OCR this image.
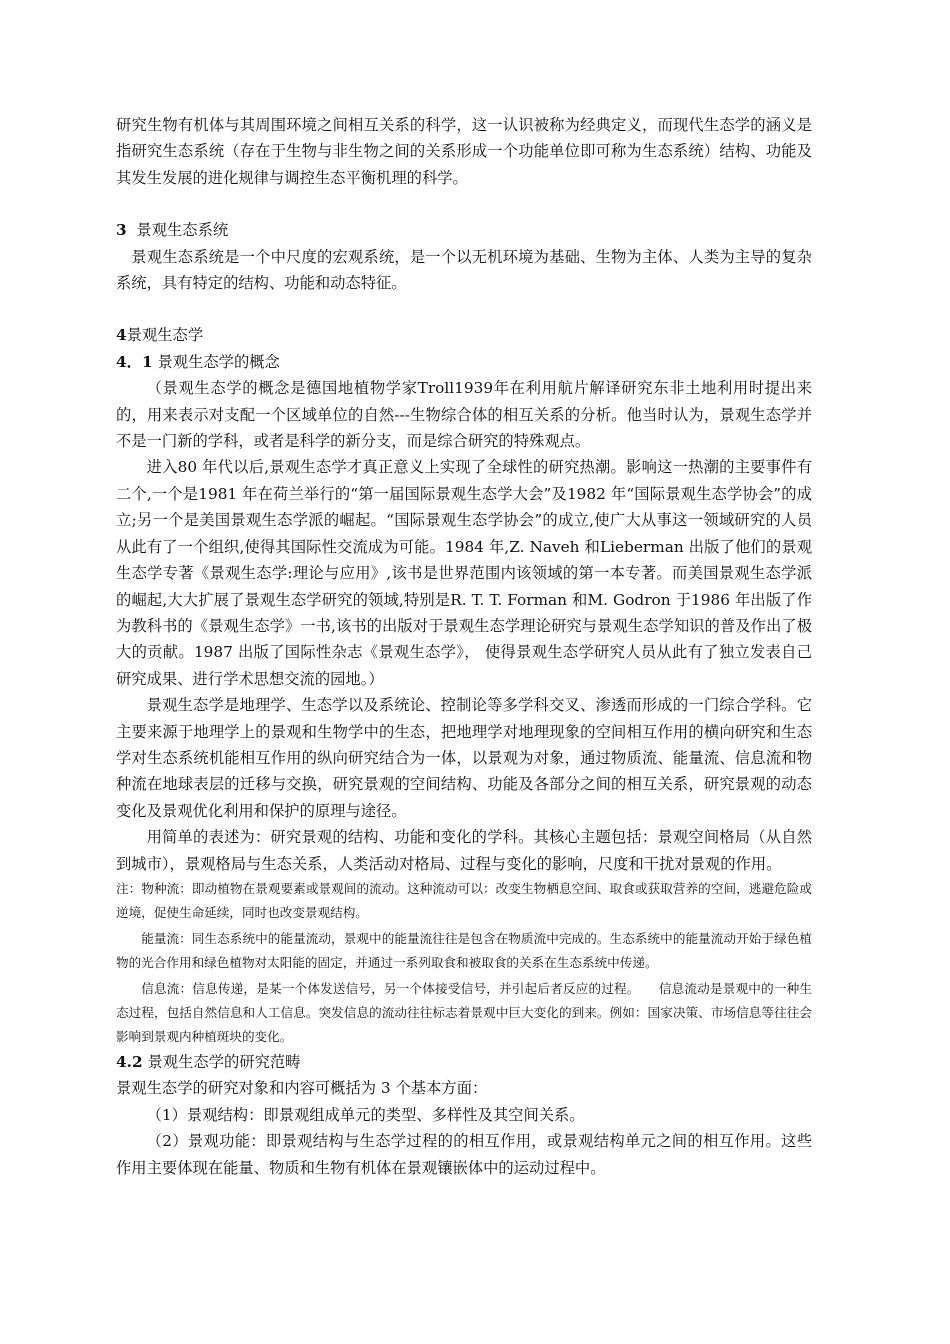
研究生物有机体与其周围环境之间相互关系的科学，这一认识被称为经典定义，而现代生态学的涵义是指研究生态系统（存在于生物与非生物之间的关系形成一个功能单位即可称为生态系统）结构、功能及其发生发展的进化规律与调控生态平衡机理的科学。

3 景观生态系统

景观生态系统是一个中尺度的宏观系统，是一个以无机环境为基础、生物为主体、人类为主导的复杂系统，具有特定的结构、功能和动态特征。

4景观生态学

4．1 景观生态学的概念

（景观生态学的概念是德国地植物学家Troll1939年在利用航片解译研究东非土地利用时提出来的，用来表示对支配一个区域单位的自然---生物综合体的相互关系的分析。他当时认为，景观生态学并不是一门新的学科，或者是科学的新分支，而是综合研究的特殊观点。

进入80 年代以后,景观生态学才真正意义上实现了全球性的研究热潮。影响这一热潮的主要事件有二个,一个是1981 年在荷兰举行的“第一届国际景观生态学大会”及1982 年“国际景观生态学协会”的成立;另一个是美国景观生态学派的崛起。“国际景观生态学协会”的成立,使广大从事这一领域研究的人员从此有了一个组织,使得其国际性交流成为可能。1984 年,Z. Naveh 和Lieberman 出版了他们的景观生态学专著《景观生态学:理论与应用》,该书是世界范围内该领域的第一本专著。而美国景观生态学派的崛起,大大扩展了景观生态学研究的领域,特别是R. T. T. Forman 和M. Godron 于1986 年出版了作为教科书的《景观生态学》一书,该书的出版对于景观生态学理论研究与景观生态学知识的普及作出了极大的贡献。1987 出版了国际性杂志《景观生态学》， 使得景观生态学研究人员从此有了独立发表自己研究成果、进行学术思想交流的园地。）

景观生态学是地理学、生态学以及系统论、控制论等多学科交叉、渗透而形成的一门综合学科。它主要来源于地理学上的景观和生物学中的生态，把地理学对地理现象的空间相互作用的横向研究和生态学对生态系统机能相互作用的纵向研究结合为一体，以景观为对象，通过物质流、能量流、信息流和物种流在地球表层的迁移与交换，研究景观的空间结构、功能及各部分之间的相互关系，研究景观的动态变化及景观优化利用和保护的原理与途径。

用简单的表述为：研究景观的结构、功能和变化的学科。其核心主题包括：景观空间格局（从自然到城市），景观格局与生态关系，人类活动对格局、过程与变化的影响，尺度和干扰对景观的作用。

注：物种流：即动植物在景观要素或景观间的流动。这种流动可以：改变生物栖息空间、取食或获取营养的空间，逃避危险或逆境，促使生命延续，同时也改变景观结构。

能量流：同生态系统中的能量流动，景观中的能量流往往是包含在物质流中完成的。生态系统中的能量流动开始于绿色植物的光合作用和绿色植物对太阳能的固定，并通过一系列取食和被取食的关系在生态系统中传递。

信息流：信息传递，是某一个体发送信号，另一个体接受信号，并引起后者反应的过程。　　信息流动是景观中的一种生态过程，包括自然信息和人工信息。突发信息的流动往往标志着景观中巨大变化的到来。例如：国家决策、市场信息等往往会影响到景观内种植斑块的变化。

4.2 景观生态学的研究范畴

景观生态学的研究对象和内容可概括为 3 个基本方面：

（1）景观结构：即景观组成单元的类型、多样性及其空间关系。

（2）景观功能：即景观结构与生态学过程的的相互作用，或景观结构单元之间的相互作用。这些作用主要体现在能量、物质和生物有机体在景观镶嵌体中的运动过程中。
